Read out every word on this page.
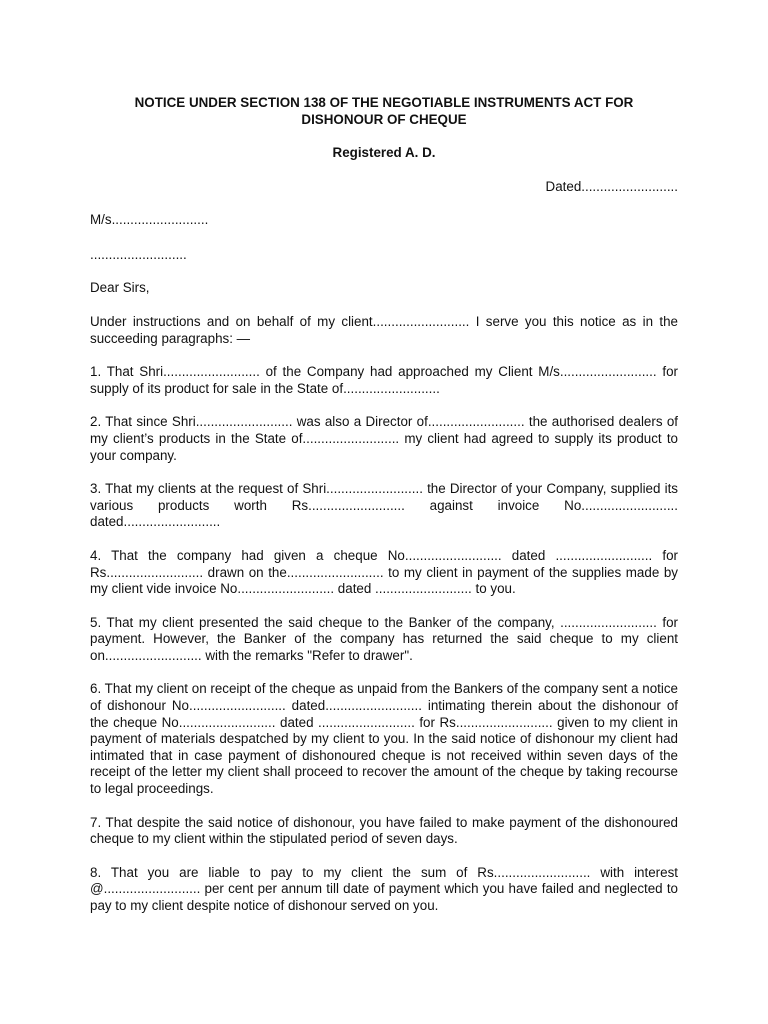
NOTICE UNDER SECTION 138 OF THE NEGOTIABLE INSTRUMENTS ACT FOR
DISHONOUR OF CHEQUE
Registered A. D.
Dated..........................
M/s..........................
..........................
Dear Sirs,
Under instructions and on behalf of my client.......................... I serve you this notice as in the succeeding paragraphs: —
1. That Shri.......................... of the Company had approached my Client M/s.......................... for supply of its product for sale in the State of..........................
2. That since Shri.......................... was also a Director of.......................... the authorised dealers of my client’s products in the State of.......................... my client had agreed to supply its product to your company.
3. That my clients at the request of Shri.......................... the Director of your Company, supplied its various products worth Rs.......................... against invoice No.......................... dated..........................
4. That the company had given a cheque No.......................... dated .......................... for Rs.......................... drawn on the.......................... to my client in payment of the supplies made by my client vide invoice No.......................... dated .......................... to you.
5. That my client presented the said cheque to the Banker of the company, .......................... for payment. However, the Banker of the company has returned the said cheque to my client on.......................... with the remarks "Refer to drawer".
6. That my client on receipt of the cheque as unpaid from the Bankers of the company sent a notice of dishonour No.......................... dated.......................... intimating therein about the dishonour of the cheque No.......................... dated .......................... for Rs.......................... given to my client in payment of materials despatched by my client to you. In the said notice of dishonour my client had intimated that in case payment of dishonoured cheque is not received within seven days of the receipt of the letter my client shall proceed to recover the amount of the cheque by taking recourse to legal proceedings.
7. That despite the said notice of dishonour, you have failed to make payment of the dishonoured cheque to my client within the stipulated period of seven days.
8. That you are liable to pay to my client the sum of Rs.......................... with interest @.......................... per cent per annum till date of payment which you have failed and neglected to pay to my client despite notice of dishonour served on you.
